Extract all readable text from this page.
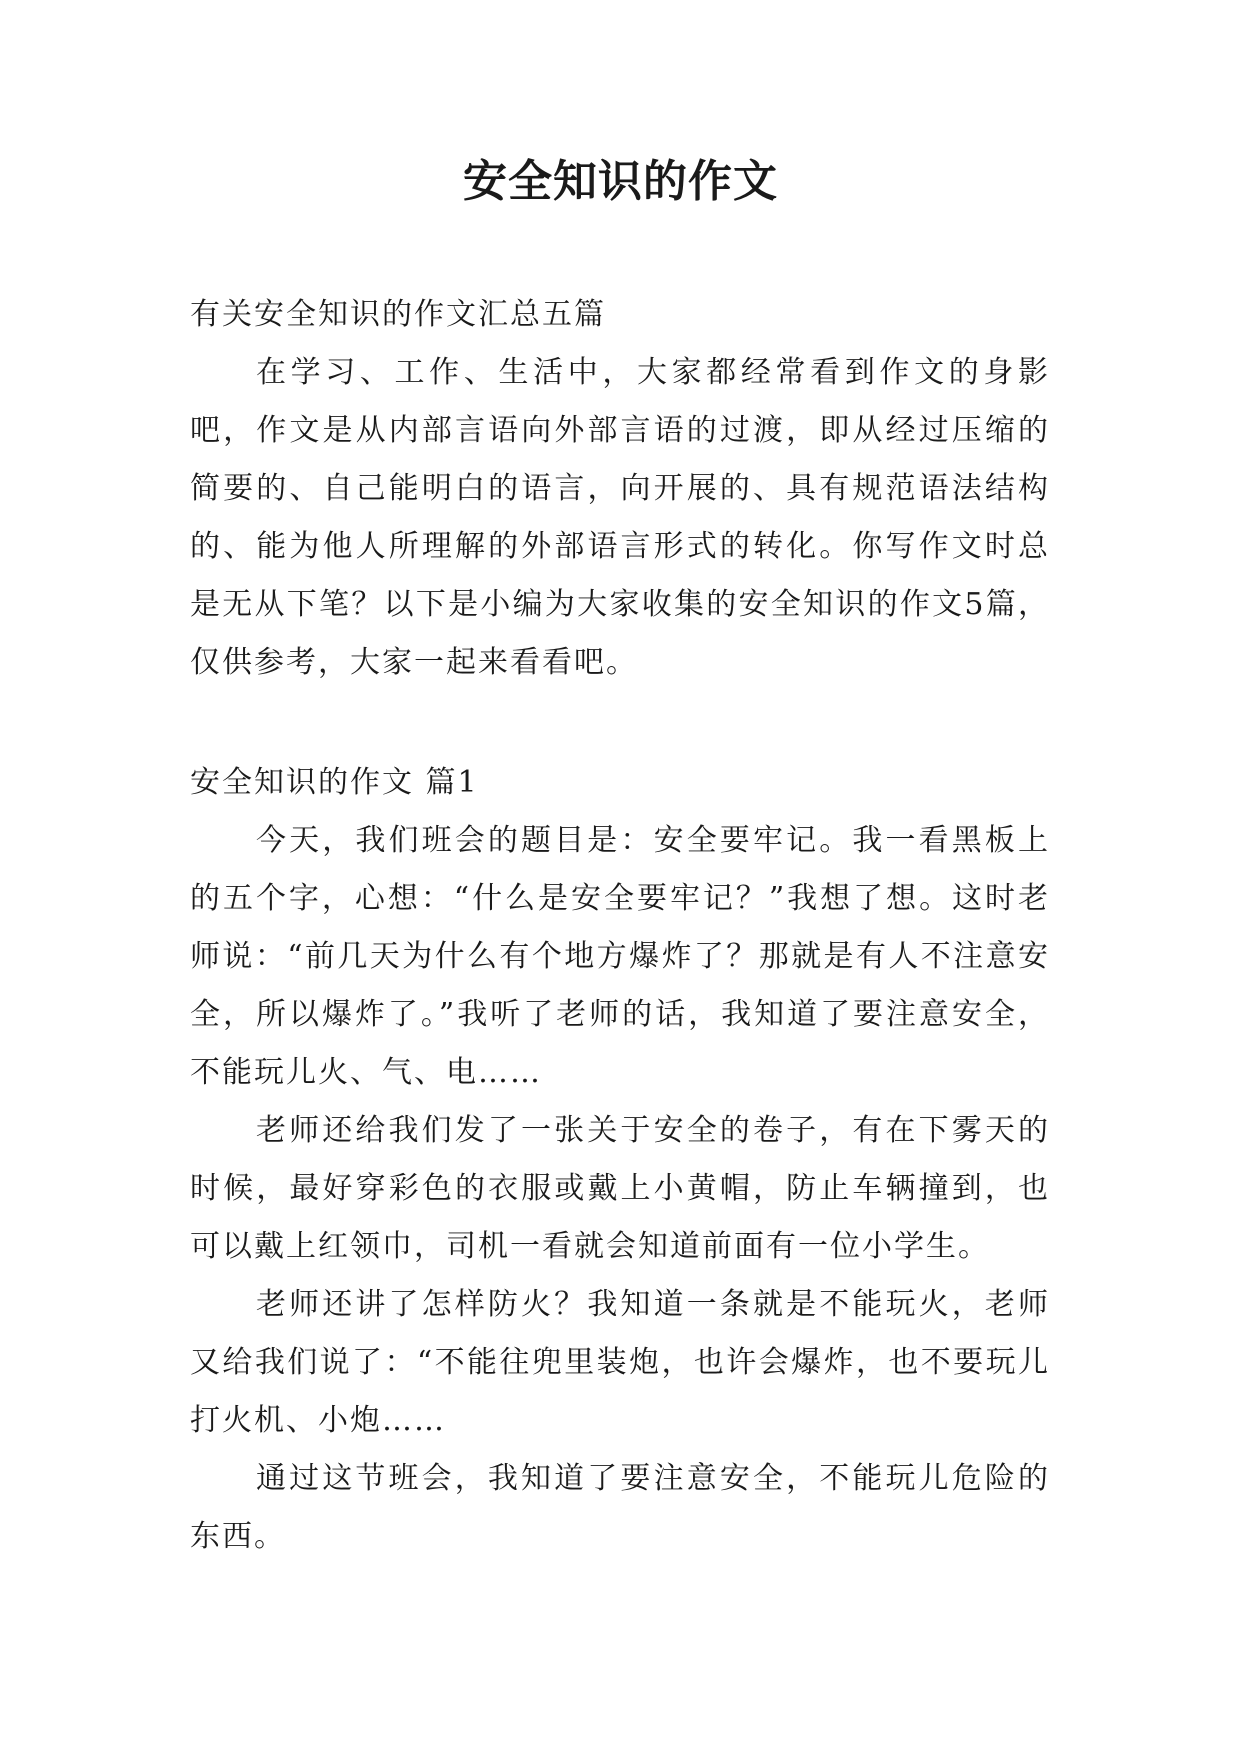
安全知识的作文

有关安全知识的作文汇总五篇

在学习、工作、生活中，大家都经常看到作文的身影吧，作文是从内部言语向外部言语的过渡，即从经过压缩的简要的、自己能明白的语言，向开展的、具有规范语法结构的、能为他人所理解的外部语言形式的转化。你写作文时总是无从下笔？以下是小编为大家收集的安全知识的作文5篇，仅供参考，大家一起来看看吧。

安全知识的作文 篇1

今天，我们班会的题目是：安全要牢记。我一看黑板上的五个字，心想：“什么是安全要牢记？”我想了想。这时老师说：“前几天为什么有个地方爆炸了？那就是有人不注意安全，所以爆炸了。”我听了老师的话，我知道了要注意安全，不能玩儿火、气、电……

老师还给我们发了一张关于安全的卷子，有在下雾天的时候，最好穿彩色的衣服或戴上小黄帽，防止车辆撞到，也可以戴上红领巾，司机一看就会知道前面有一位小学生。

老师还讲了怎样防火？我知道一条就是不能玩火，老师又给我们说了：“不能往兜里装炮，也许会爆炸，也不要玩儿打火机、小炮……

通过这节班会，我知道了要注意安全，不能玩儿危险的东西。
